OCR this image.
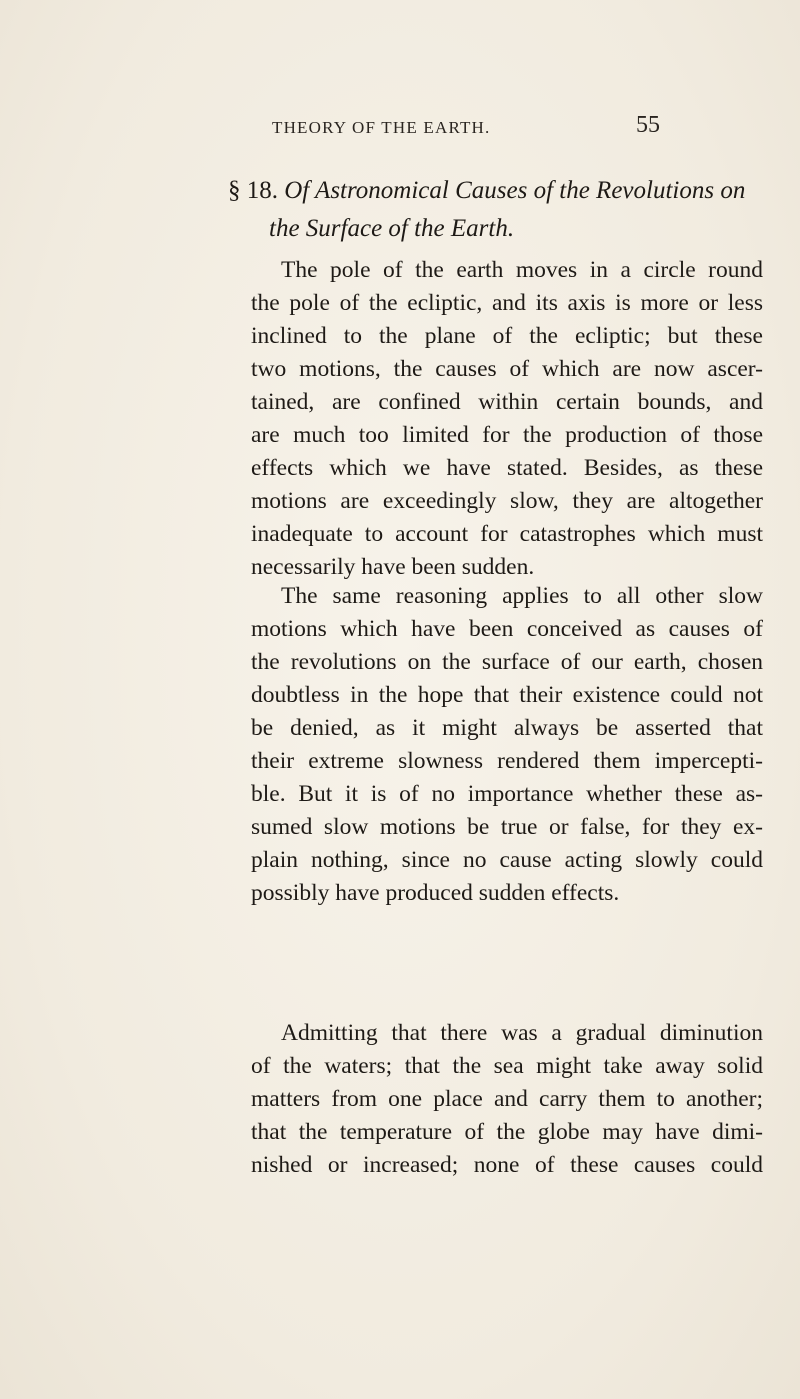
THEORY OF THE EARTH.	55
§ 18. Of Astronomical Causes of the Revolutions on
the Surface of the Earth.
The pole of the earth moves in a circle round
the pole of the ecliptic, and its axis is more or less
inclined to the plane of the ecliptic; but these
two motions, the causes of which are now ascer-
tained, are confined within certain bounds, and
are much too limited for the production of those
effects which we have stated. Besides, as these
motions are exceedingly slow, they are altogether
inadequate to account for catastrophes which must
necessarily have been sudden.
The same reasoning applies to all other slow
motions which have been conceived as causes of
the revolutions on the surface of our earth, chosen
doubtless in the hope that their existence could not
be denied, as it might always be asserted that
their extreme slowness rendered them impercepti-
ble. But it is of no importance whether these as-
sumed slow motions be true or false, for they ex-
plain nothing, since no cause acting slowly could
possibly have produced sudden effects.
Admitting that there was a gradual diminution
of the waters; that the sea might take away solid
matters from one place and carry them to another;
that the temperature of the globe may have dimi-
nished or increased; none of these causes could
